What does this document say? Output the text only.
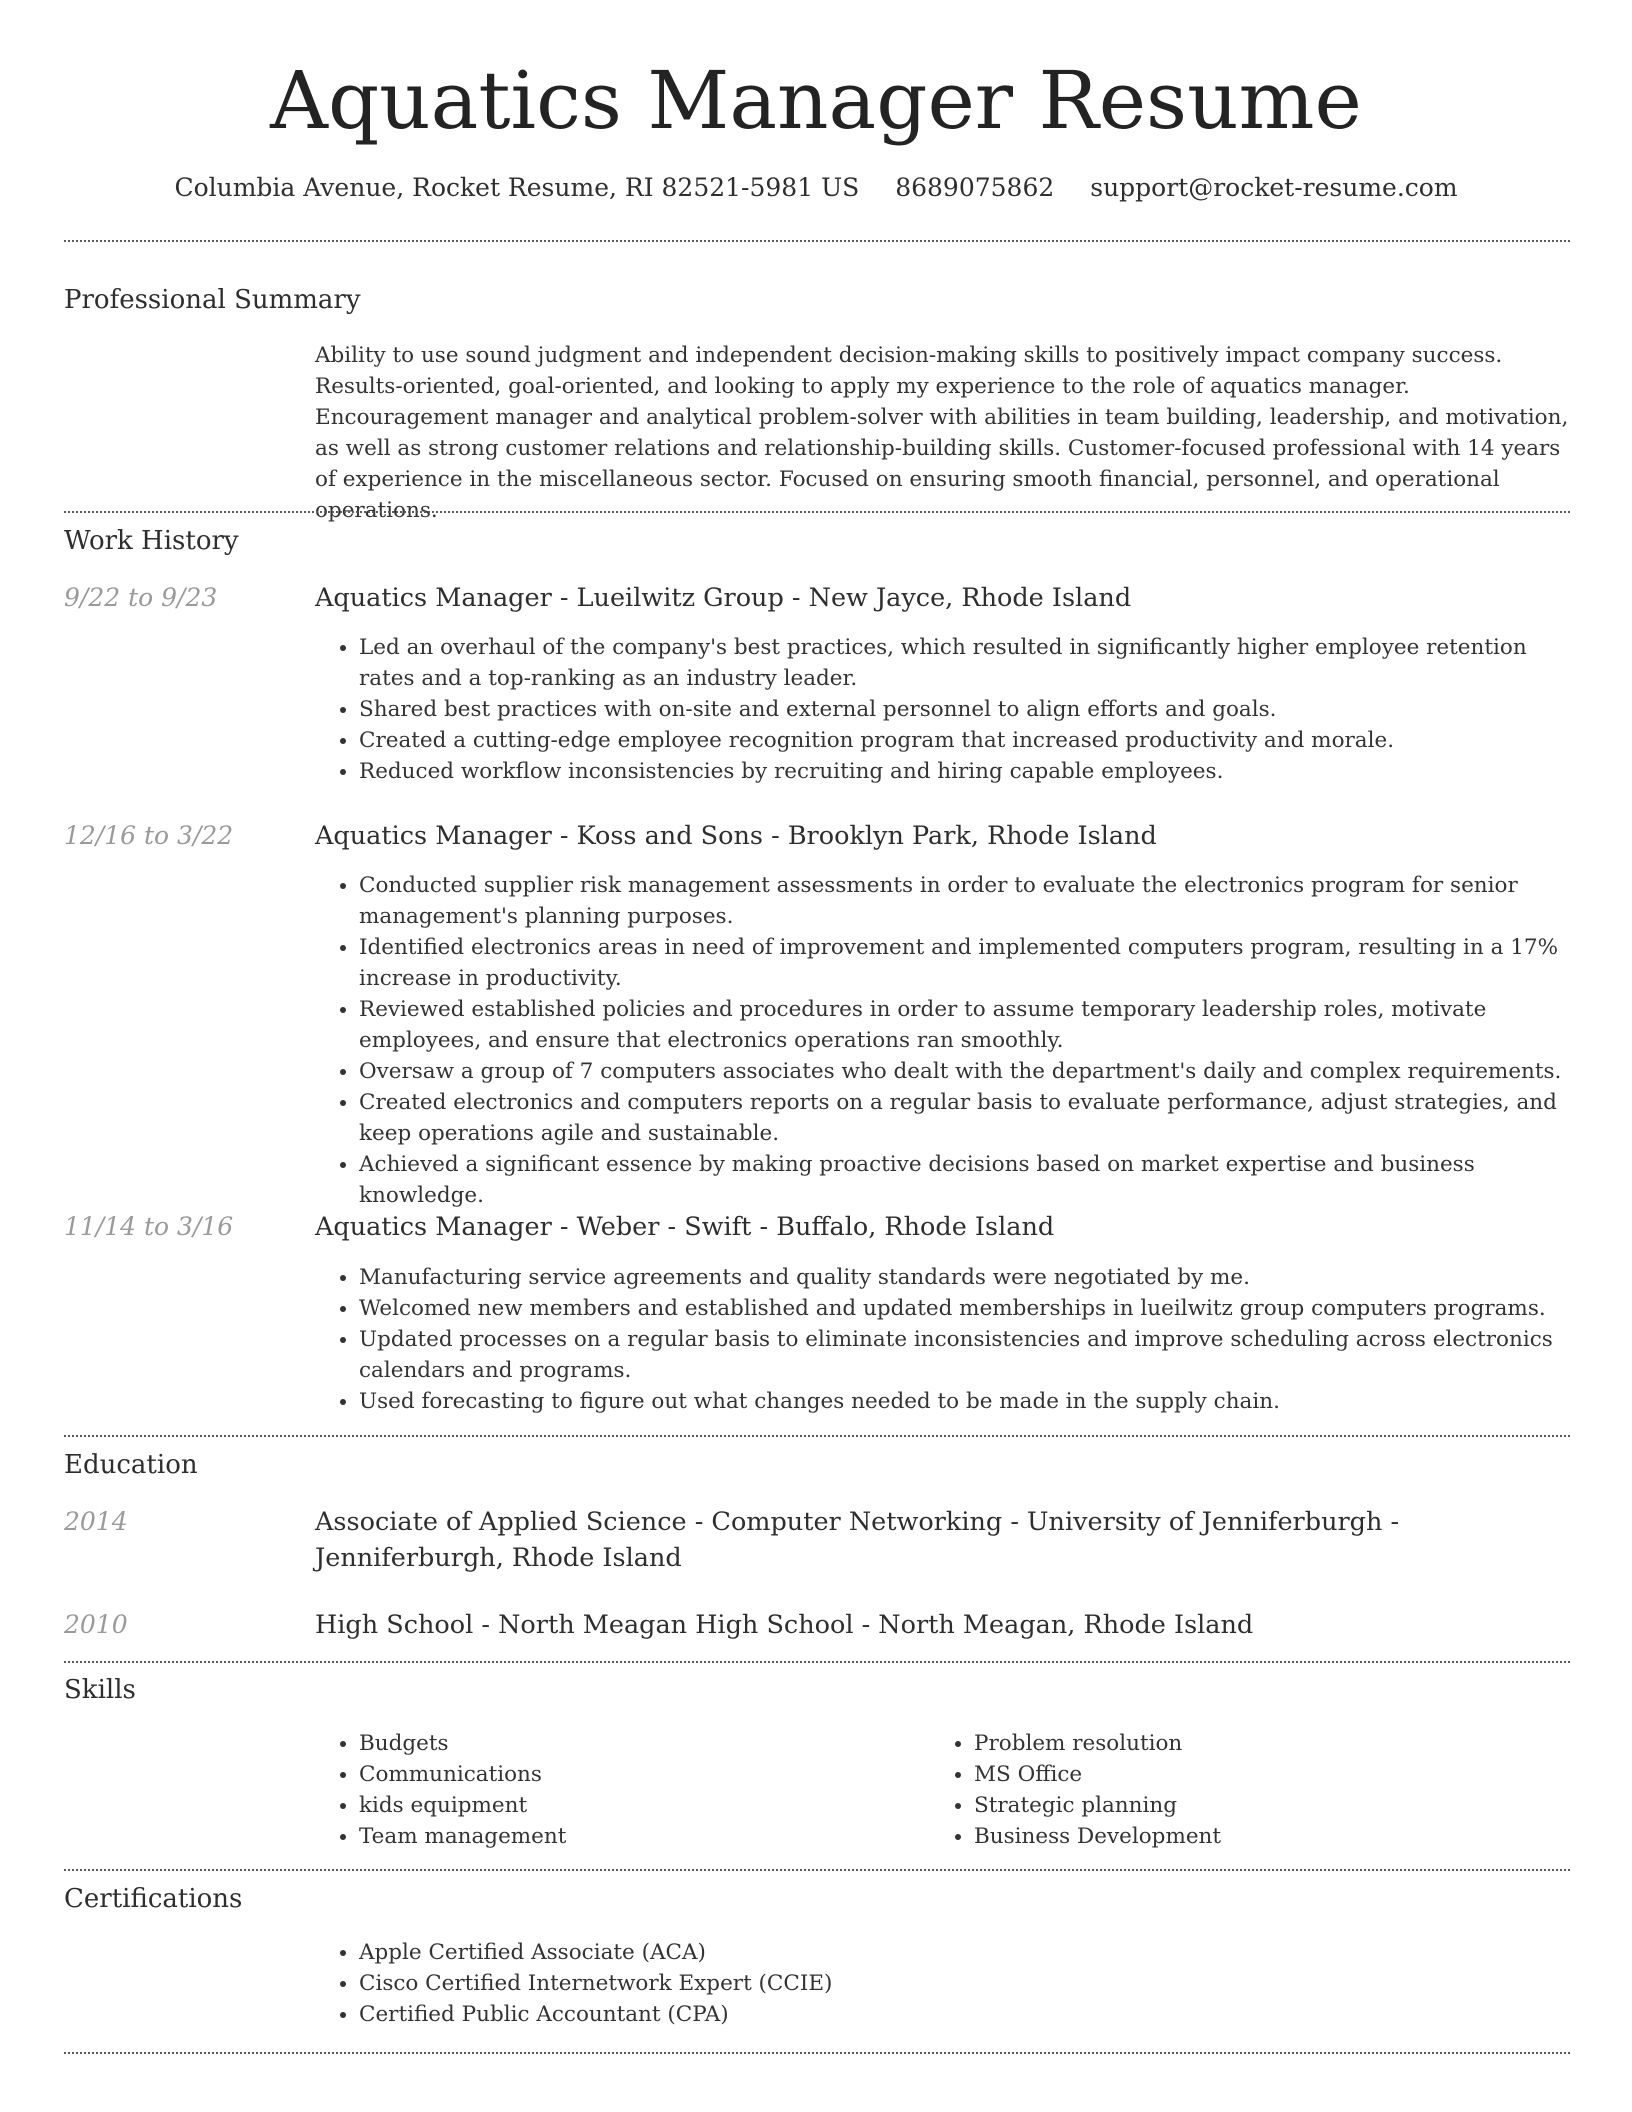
Aquatics Manager Resume
Columbia Avenue, Rocket Resume, RI 82521-5981 US 8689075862 support@rocket-resume.com
Professional Summary
Ability to use sound judgment and independent decision-making skills to positively impact company success. Results-oriented, goal-oriented, and looking to apply my experience to the role of aquatics manager. Encouragement manager and analytical problem-solver with abilities in team building, leadership, and motivation, as well as strong customer relations and relationship-building skills. Customer-focused professional with 14 years of experience in the miscellaneous sector. Focused on ensuring smooth financial, personnel, and operational operations.
Work History
9/22 to 9/23	Aquatics Manager - Lueilwitz Group - New Jayce, Rhode Island
• Led an overhaul of the company's best practices, which resulted in significantly higher employee retention rates and a top-ranking as an industry leader.
• Shared best practices with on-site and external personnel to align efforts and goals.
• Created a cutting-edge employee recognition program that increased productivity and morale.
• Reduced workflow inconsistencies by recruiting and hiring capable employees.
12/16 to 3/22	Aquatics Manager - Koss and Sons - Brooklyn Park, Rhode Island
• Conducted supplier risk management assessments in order to evaluate the electronics program for senior management's planning purposes.
• Identified electronics areas in need of improvement and implemented computers program, resulting in a 17% increase in productivity.
• Reviewed established policies and procedures in order to assume temporary leadership roles, motivate employees, and ensure that electronics operations ran smoothly.
• Oversaw a group of 7 computers associates who dealt with the department's daily and complex requirements.
• Created electronics and computers reports on a regular basis to evaluate performance, adjust strategies, and keep operations agile and sustainable.
• Achieved a significant essence by making proactive decisions based on market expertise and business knowledge.
11/14 to 3/16	Aquatics Manager - Weber - Swift - Buffalo, Rhode Island
• Manufacturing service agreements and quality standards were negotiated by me.
• Welcomed new members and established and updated memberships in lueilwitz group computers programs.
• Updated processes on a regular basis to eliminate inconsistencies and improve scheduling across electronics calendars and programs.
• Used forecasting to figure out what changes needed to be made in the supply chain.
Education
2014	Associate of Applied Science - Computer Networking - University of Jenniferburgh - Jenniferburgh, Rhode Island
2010	High School - North Meagan High School - North Meagan, Rhode Island
Skills
• Budgets
• Communications
• kids equipment
• Team management
• Problem resolution
• MS Office
• Strategic planning
• Business Development
Certifications
• Apple Certified Associate (ACA)
• Cisco Certified Internetwork Expert (CCIE)
• Certified Public Accountant (CPA)
